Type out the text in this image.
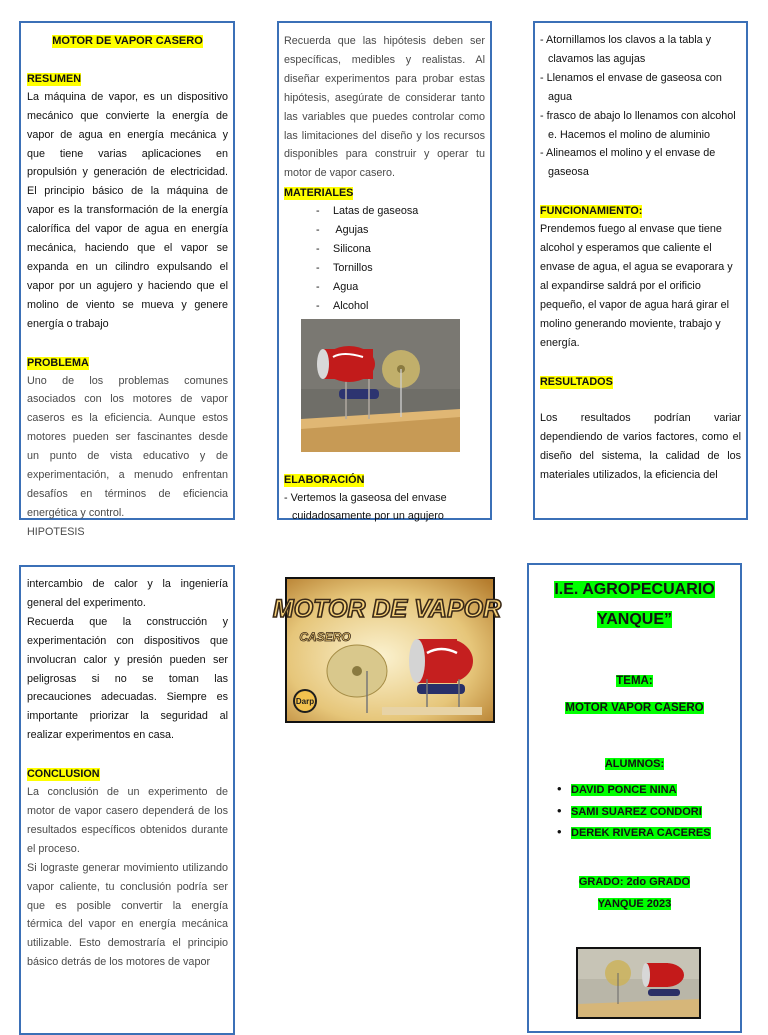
MOTOR DE VAPOR CASERO

RESUMEN

La máquina de vapor, es un dispositivo mecánico que convierte la energía de vapor de agua en energía mecánica y que tiene varias aplicaciones en propulsión y generación de electricidad. El principio básico de la máquina de vapor es la transformación de la energía calorífica del vapor de agua en energía mecánica, haciendo que el vapor se expanda en un cilindro expulsando el vapor por un agujero y haciendo que el molino de viento se mueva y genere energía o trabajo

PROBLEMA

Uno de los problemas comunes asociados con los motores de vapor caseros es la eficiencia. Aunque estos motores pueden ser fascinantes desde un punto de vista educativo y de experimentación, a menudo enfrentan desafíos en términos de eficiencia energética y control.

HIPOTESIS

Recuerda que las hipótesis deben ser específicas, medibles y realistas. Al diseñar experimentos para probar estas hipótesis, asegúrate de considerar tanto las variables que puedes controlar como las limitaciones del diseño y los recursos disponibles para construir y operar tu motor de vapor casero.

MATERIALES

- Latas de gaseosa
- Agujas
- Silicona
- Tornillos
- Agua
- Alcohol

ELABORACIÓN

- Vertemos la gaseosa del envase cuidadosamente por un agujero
- Atornillamos los clavos a la tabla y clavamos las agujas
- Llenamos el envase de gaseosa con agua
- frasco de abajo lo llenamos con alcohol e. Hacemos el molino de aluminio
- Alineamos el molino y el envase de gaseosa

FUNCIONAMIENTO:

Prendemos fuego al envase que tiene alcohol y esperamos que caliente el envase de agua, el agua se evaporara y al expandirse saldrá por el orificio pequeño, el vapor de agua hará girar el molino generando moviente, trabajo y energía.

RESULTADOS

Los resultados podrían variar dependiendo de varios factores, como el diseño del sistema, la calidad de los materiales utilizados, la eficiencia del

intercambio de calor y la ingeniería general del experimento.

Recuerda que la construcción y experimentación con dispositivos que involucran calor y presión pueden ser peligrosas si no se toman las precauciones adecuadas. Siempre es importante priorizar la seguridad al realizar experimentos en casa.

CONCLUSION

La conclusión de un experimento de motor de vapor casero dependerá de los resultados específicos obtenidos durante el proceso.

Si lograste generar movimiento utilizando vapor caliente, tu conclusión podría ser que es posible convertir la energía térmica del vapor en energía mecánica utilizable. Esto demostraría el principio básico detrás de los motores de vapor

MOTOR DE VAPOR
CASERO
Darp

I.E. AGROPECUARIO

YANQUE”

TEMA:

MOTOR VAPOR CASERO

ALUMNOS:

• DAVID PONCE NINA
• SAMI SUAREZ CONDORI
• DEREK RIVERA CACERES

GRADO: 2do GRADO

YANQUE 2023
